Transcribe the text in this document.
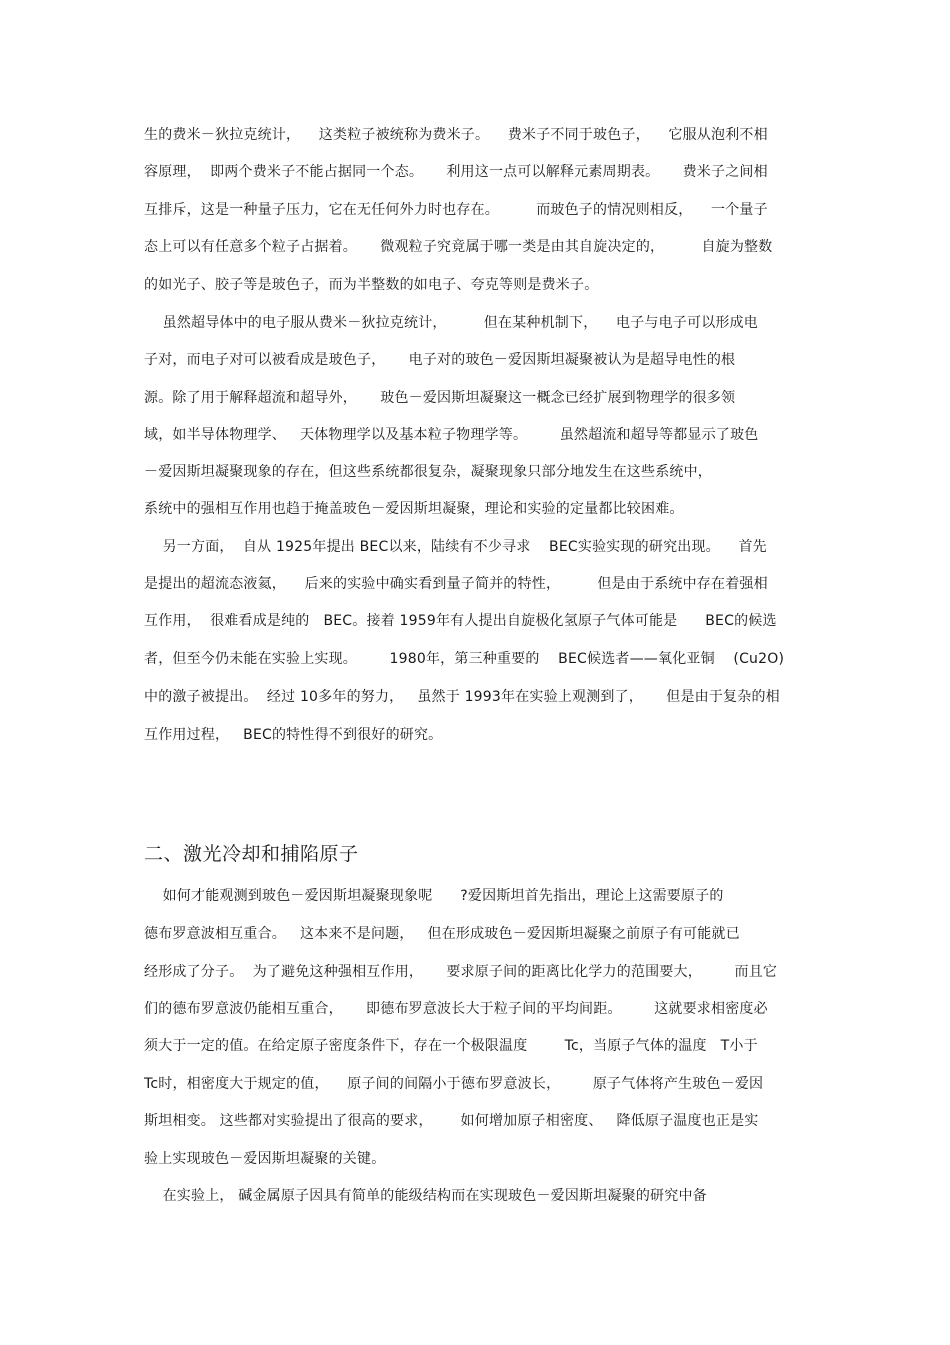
生的费米－狄拉克统计，    这类粒子被统称为费米子。    费米子不同于玻色子，    它服从泡利不相
容原理，  即两个费米子不能占据同一个态。     利用这一点可以解释元素周期表。     费米子之间相
互排斥，这是一种量子压力，它在无任何外力时也存在。        而玻色子的情况则相反，    一个量子
态上可以有任意多个粒子占据着。     微观粒子究竟属于哪一类是由其自旋决定的，        自旋为整数
的如光子、胶子等是玻色子，而为半整数的如电子、夸克等则是费米子。
虽然超导体中的电子服从费米－狄拉克统计，        但在某种机制下，    电子与电子可以形成电
子对，而电子对可以被看成是玻色子，     电子对的玻色－爱因斯坦凝聚被认为是超导电性的根
源。除了用于解释超流和超导外，     玻色－爱因斯坦凝聚这一概念已经扩展到物理学的很多领
域，如半导体物理学、   天体物理学以及基本粒子物理学等。       虽然超流和超导等都显示了玻色
－爱因斯坦凝聚现象的存在，但这些系统都很复杂，凝聚现象只部分地发生在这些系统中，
系统中的强相互作用也趋于掩盖玻色－爱因斯坦凝聚，理论和实验的定量都比较困难。
另一方面，  自从 1925年提出 BEC以来，陆续有不少寻求    BEC实验实现的研究出现。    首先
是提出的超流态液氦，    后来的实验中确实看到量子简并的特性，        但是由于系统中存在着强相
互作用，  很难看成是纯的   BEC。接着 1959年有人提出自旋极化氢原子气体可能是      BEC的候选
者，但至今仍未能在实验上实现。       1980年，第三种重要的    BEC候选者——氧化亚铜    (Cu2O)
中的激子被提出。  经过 10多年的努力，   虽然于 1993年在实验上观测到了，     但是由于复杂的相
互作用过程，   BEC的特性得不到很好的研究。
二、激光冷却和捕陷原子
如何才能观测到玻色－爱因斯坦凝聚现象呢      ?爱因斯坦首先指出，理论上这需要原子的
德布罗意波相互重合。   这本来不是问题，   但在形成玻色－爱因斯坦凝聚之前原子有可能就已
经形成了分子。  为了避免这种强相互作用，     要求原子间的距离比化学力的范围要大，       而且它
们的德布罗意波仍能相互重合，     即德布罗意波长大于粒子间的平均间距。       这就要求相密度必
须大于一定的值。在给定原子密度条件下，存在一个极限温度        Tc，当原子气体的温度   T小于
Tc时，相密度大于规定的值，    原子间的间隔小于德布罗意波长，       原子气体将产生玻色－爱因
斯坦相变。 这些都对实验提出了很高的要求，      如何增加原子相密度、   降低原子温度也正是实
验上实现玻色－爱因斯坦凝聚的关键。
在实验上， 碱金属原子因具有简单的能级结构而在实现玻色－爱因斯坦凝聚的研究中备
